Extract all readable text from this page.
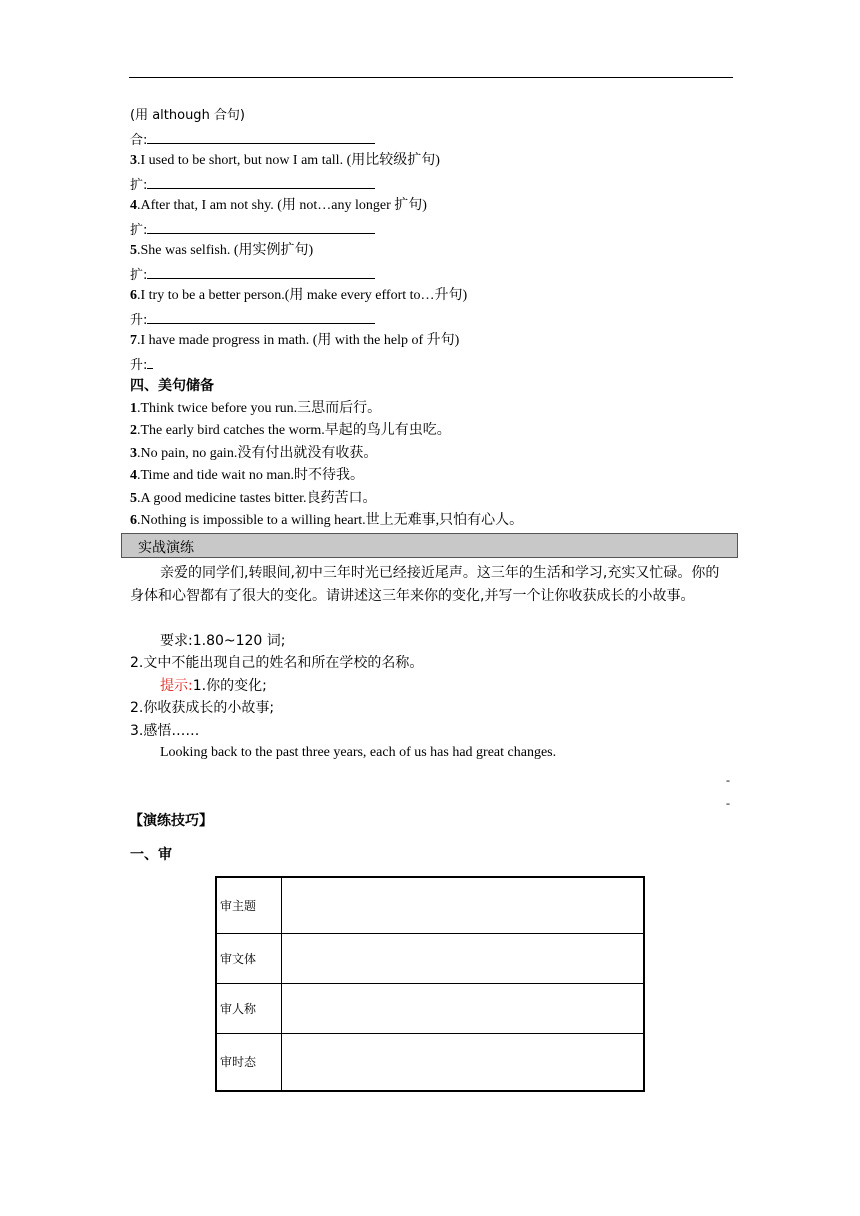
(用 although 合句)
合:
3.I used to be short, but now I am tall. (用比较级扩句)
扩:
4.After that, I am not shy. (用 not…any longer 扩句)
扩:
5.She was selfish. (用实例扩句)
扩:
6.I try to be a better person.(用 make every effort to…升句)
升:
7.I have made progress in math. (用 with the help of 升句)
升:
四、美句储备
1.Think twice before you run.三思而后行。
2.The early bird catches the worm.早起的鸟儿有虫吃。
3.No pain, no gain.没有付出就没有收获。
4.Time and tide wait no man.时不待我。
5.A good medicine tastes bitter.良药苦口。
6.Nothing is impossible to a willing heart.世上无难事,只怕有心人。
实战演练
亲爱的同学们,转眼间,初中三年时光已经接近尾声。这三年的生活和学习,充实又忙碌。你的身体和心智都有了很大的变化。请讲述这三年来你的变化,并写一个让你收获成长的小故事。
要求:1.80~120 词;
2.文中不能出现自己的姓名和所在学校的名称。
提示:1.你的变化;
2.你收获成长的小故事;
3.感悟……
Looking back to the past three years, each of us has had great changes.
-
-
【演练技巧】
一、审
审主题	
审文体	
审人称	
审时态	
